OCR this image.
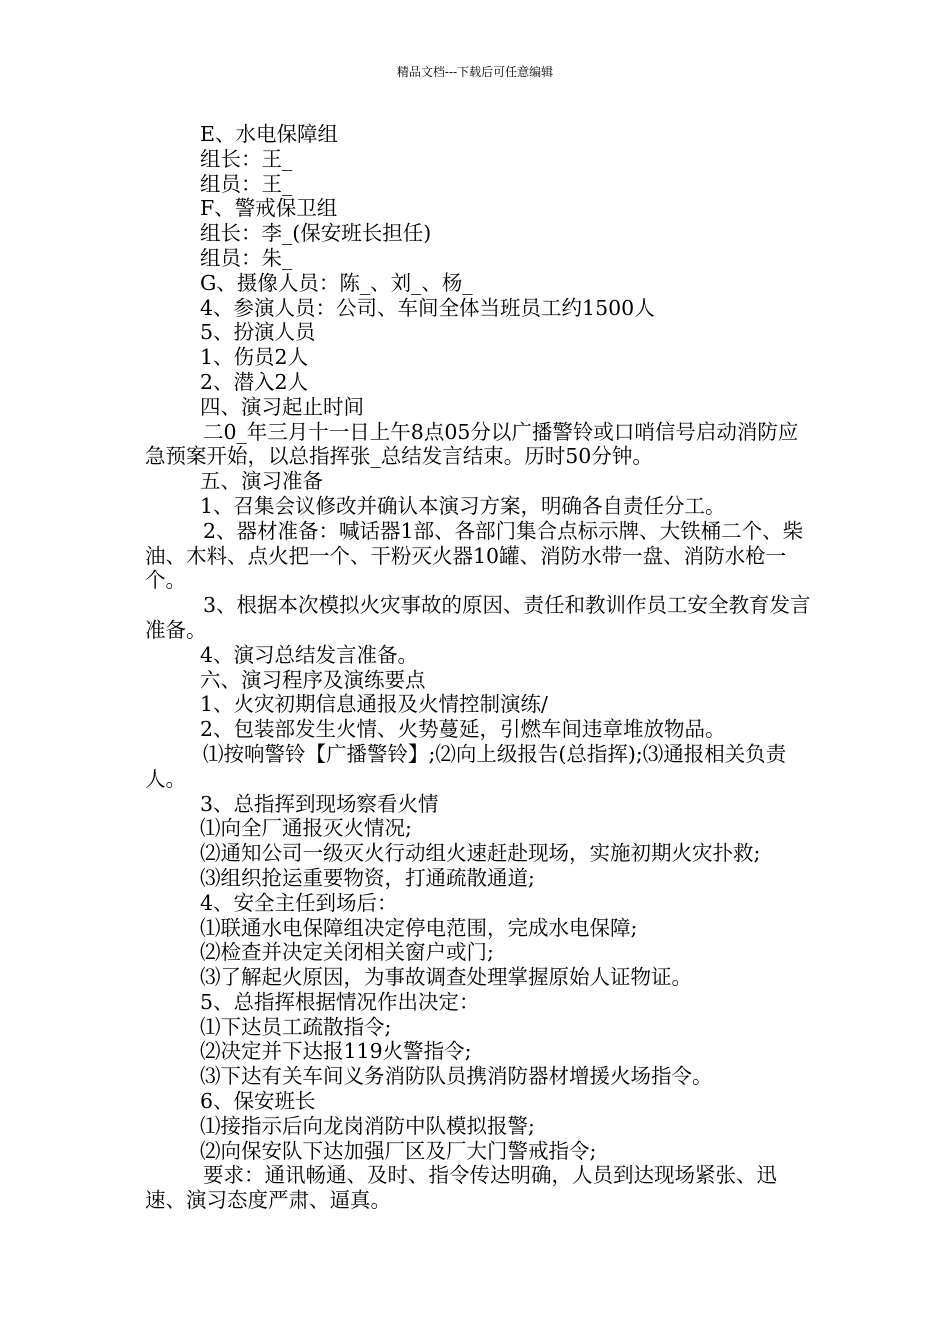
精品文档---下载后可任意编辑

E、水电保障组

组长：王_

组员：王_

F、警戒保卫组

组长：李_(保安班长担任)

组员：朱_

G、摄像人员：陈_、刘_、杨_

4、参演人员：公司、车间全体当班员工约1500人

5、扮演人员

1、伤员2人

2、潜入2人

四、演习起止时间

二0_年三月十一日上午8点05分以广播警铃或口哨信号启动消防应急预案开始，以总指挥张_总结发言结束。历时50分钟。

五、演习准备

1、召集会议修改并确认本演习方案，明确各自责任分工。

2、器材准备：喊话器1部、各部门集合点标示牌、大铁桶二个、柴油、木料、点火把一个、干粉灭火器10罐、消防水带一盘、消防水枪一个。

3、根据本次模拟火灾事故的原因、责任和教训作员工安全教育发言准备。

4、演习总结发言准备。

六、演习程序及演练要点

1、火灾初期信息通报及火情控制演练/

2、包装部发生火情、火势蔓延，引燃车间违章堆放物品。

⑴按响警铃【广播警铃】;⑵向上级报告(总指挥);⑶通报相关负责人。

3、总指挥到现场察看火情

⑴向全厂通报灭火情况;

⑵通知公司一级灭火行动组火速赶赴现场，实施初期火灾扑救;

⑶组织抢运重要物资，打通疏散通道;

4、安全主任到场后：

⑴联通水电保障组决定停电范围，完成水电保障;

⑵检查并决定关闭相关窗户或门;

⑶了解起火原因，为事故调查处理掌握原始人证物证。

5、总指挥根据情况作出决定：

⑴下达员工疏散指令;

⑵决定并下达报119火警指令;

⑶下达有关车间义务消防队员携消防器材增援火场指令。

6、保安班长

⑴接指示后向龙岗消防中队模拟报警;

⑵向保安队下达加强厂区及厂大门警戒指令;

要求：通讯畅通、及时、指令传达明确，人员到达现场紧张、迅速、演习态度严肃、逼真。
